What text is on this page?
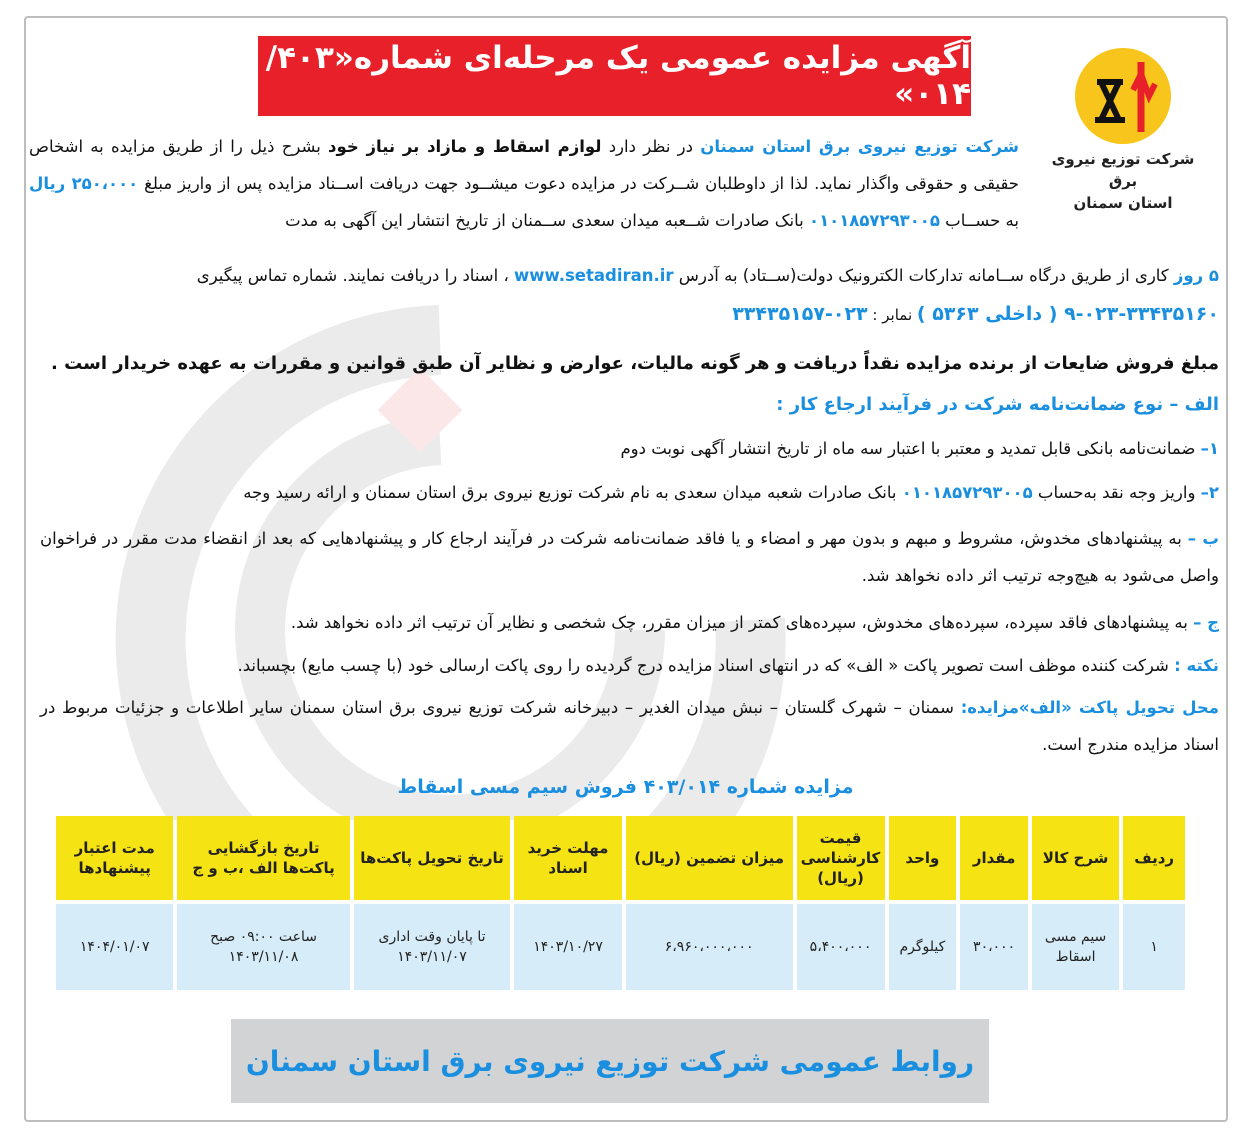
آگهی مزایده عمومی یک مرحله‌ای شماره«۴۰۳/ ۰۱۴»
شرکت توزیع نیروی برق
استان سمنان
شرکت توزیع نیروی برق استان سمنان در نظر دارد لوازم اسقاط و مازاد بر نیاز خود بشرح ذیل را از طریق مزایده به اشخاص حقیقی و حقوقی واگذار نماید. لذا از داوطلبان شــرکت در مزایده دعوت میشــود جهت دریافت اســناد مزایده پس از واریز مبلغ ۲۵۰،۰۰۰ ریال به حســاب ۰۱۰۱۸۵۷۲۹۳۰۰۵ بانک صادرات شــعبه میدان سعدی ســمنان از تاریخ انتشار این آگهی به مدت
۵ روز کاری از طریق درگاه ســامانه تدارکات الکترونیک دولت(ســتاد) به آدرس www.setadiran.ir ، اسناد را دریافت نمایند. شماره تماس پیگیری
۹-۰۲۳-۳۳۴۳۵۱۶۰ ( داخلی ۵۳۶۳ ) نمابر : ۰۲۳-۳۳۴۳۵۱۵۷
مبلغ فروش ضایعات از برنده مزایده نقداً دریافت و هر گونه مالیات، عوارض و نظایر آن طبق قوانین و مقررات به عهده خریدار است .
الف – نوع ضمانت‌نامه شرکت در فرآیند ارجاع کار :
۱– ضمانت‌نامه بانکی قابل تمدید و معتبر با اعتبار سه ماه از تاریخ انتشار آگهی نوبت دوم
۲– واریز وجه نقد به‌حساب ۰۱۰۱۸۵۷۲۹۳۰۰۵ بانک صادرات شعبه میدان سعدی به نام شرکت توزیع نیروی برق استان سمنان و ارائه رسید وجه
ب – به پیشنهادهای مخدوش، مشروط و مبهم و بدون مهر و امضاء و یا فاقد ضمانت‌نامه شرکت در فرآیند ارجاع کار و پیشنهادهایی که بعد از انقضاء مدت مقرر در فراخوان واصل می‌شود به هیچ‌وجه ترتیب اثر داده نخواهد شد.
ج – به پیشنهادهای فاقد سپرده، سپرده‌های مخدوش، سپرده‌های کمتر از میزان مقرر، چک شخصی و نظایر آن ترتیب اثر داده نخواهد شد.
نکته : شرکت کننده موظف است تصویر پاکت « الف» که در انتهای اسناد مزایده درج گردیده را روی پاکت ارسالی خود (با چسب مایع) بچسباند.
محل تحویل پاکت «الف»مزایده: سمنان – شهرک گلستان – نبش میدان الغدیر – دبیرخانه شرکت توزیع نیروی برق استان سمنان سایر اطلاعات و جزئیات مربوط در اسناد مزایده مندرج است.
مزایده شماره ۴۰۳/۰۱۴ فروش سیم مسی اسقاط
ردیف	شرح کالا	مقدار	واحد	قیمت کارشناسی (ریال)	میزان تضمین (ریال)	مهلت خرید اسناد	تاریخ تحویل پاکت‌ها	تاریخ بازگشایی پاکت‌ها الف ،ب و ج	مدت اعتبار پیشنهادها
۱	سیم مسی اسقاط	۳۰،۰۰۰	کیلوگرم	۵،۴۰۰،۰۰۰	۶،۹۶۰،۰۰۰،۰۰۰	۱۴۰۳/۱۰/۲۷	تا پایان وقت اداری ۱۴۰۳/۱۱/۰۷	ساعت ۰۹:۰۰ صبح ۱۴۰۳/۱۱/۰۸	۱۴۰۴/۰۱/۰۷
روابط عمومی شرکت توزیع نیروی برق استان سمنان
